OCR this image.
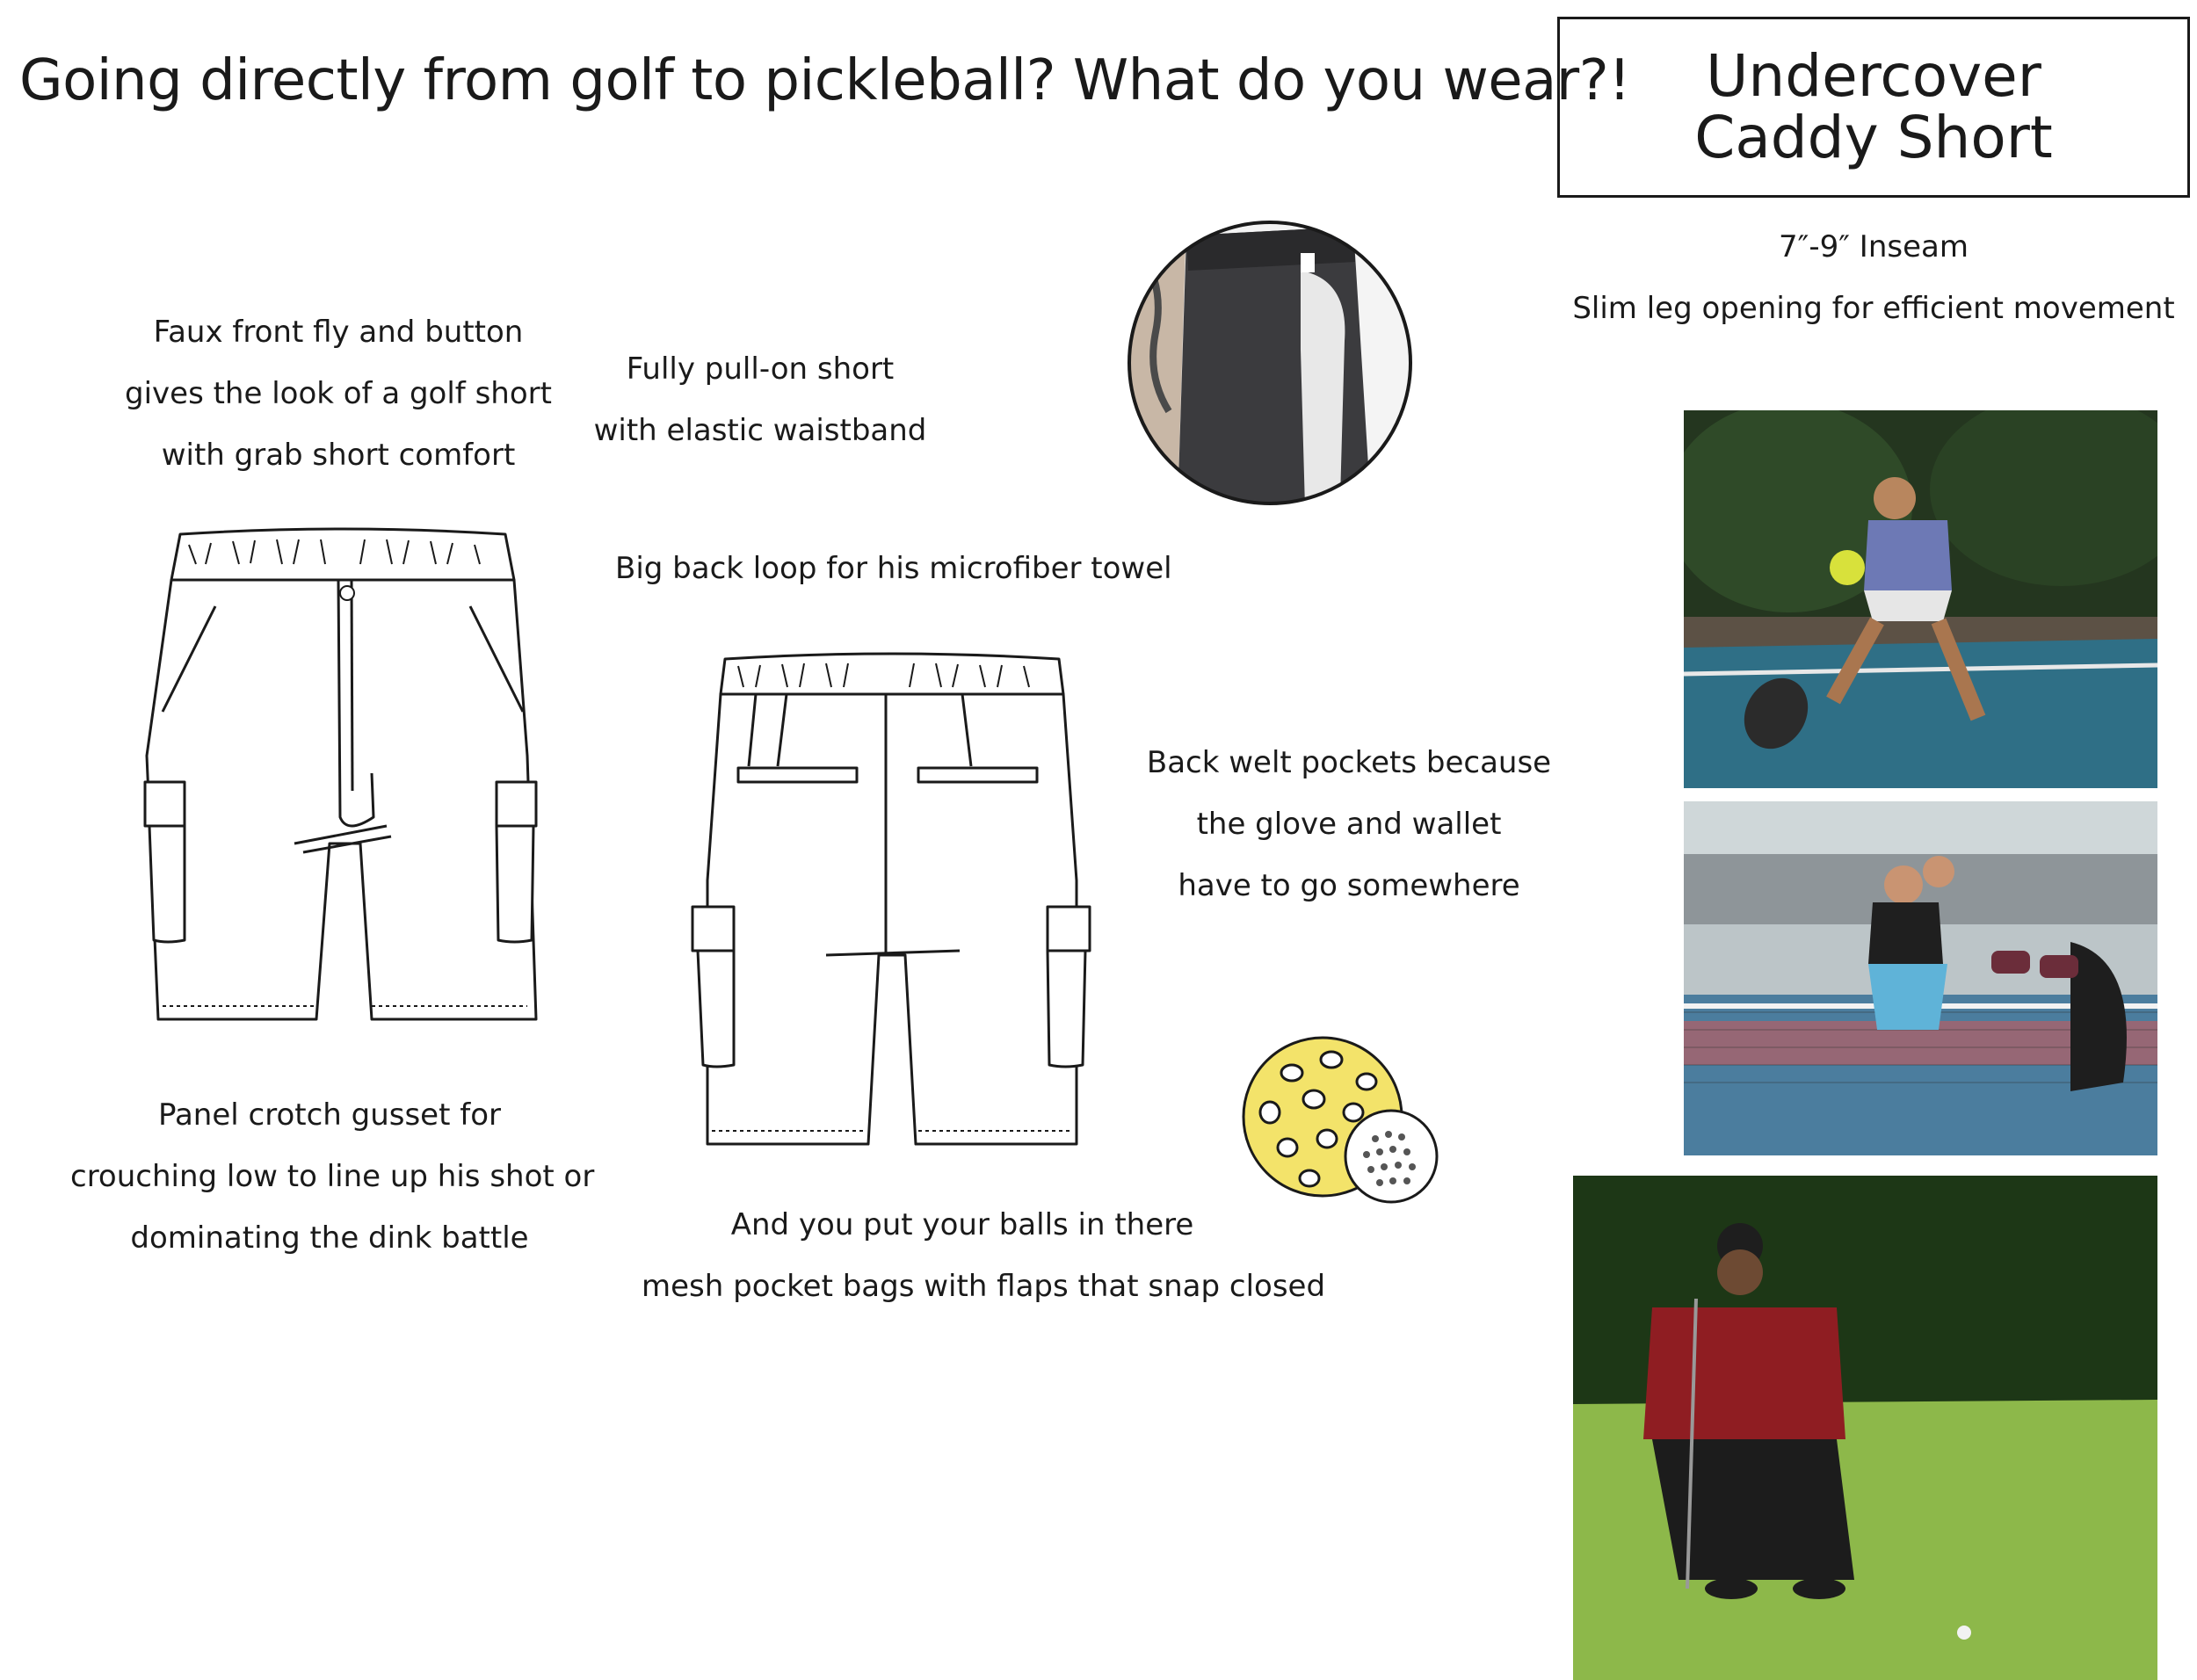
Going directly from golf to pickleball? What do you wear?! Undercover
Caddy Short
7″-9″ Inseam
Slim leg opening for efficient movement
Faux front fly and button
gives the look of a golf short
with grab short comfort
Fully pull-on short
with elastic waistband
Big back loop for his microfiber towel
Back welt pockets because
the glove and wallet
have to go somewhere
Panel crotch gusset for
crouching low to line up his shot or
dominating the dink battle	And you put your balls in there
mesh pocket bags with flaps that snap closed
